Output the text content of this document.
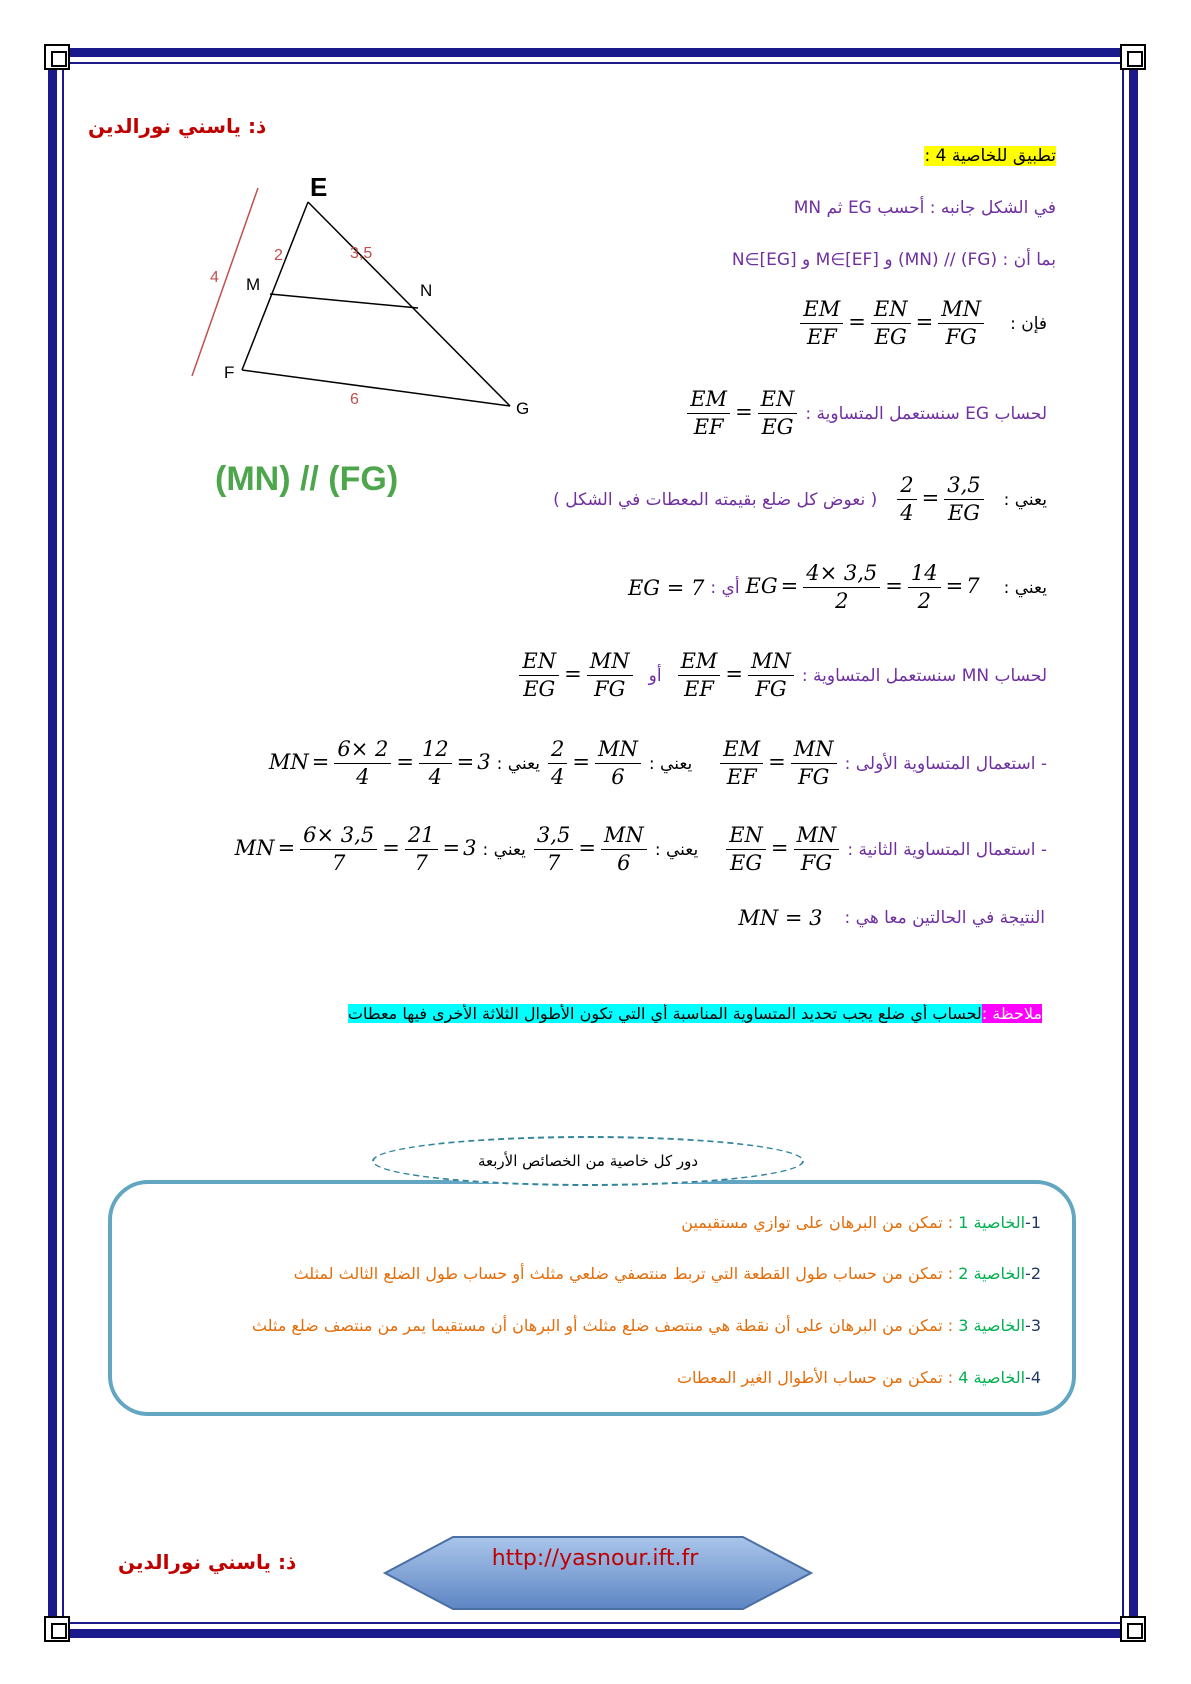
ذ: ياسني نورالدين
E
M	N
F
G
2	3,5
4
6
(MN) // (FG)
تطبيق للخاصية 4 :
في الشكل جانبه : أحسب EG ثم MN
بما أن : (FG) // (MN) و M∈[EF] و N∈[EG]
$\frac{EM}{EF} = \frac{EN}{EG} = \frac{MN}{FG}$ فإن :
$\frac{EM}{EF} = \frac{EN}{EG}$ لحساب EG سنستعمل المتساوية :
( نعوض كل ضلع بقيمته المعطات في الشكل ) $\frac{2}{4} = \frac{3,5}{EG}$ يعني :
EG = 7 أي : EG = $\frac{4\times 3,5}{2} = \frac{14}{2} = 7$ يعني :
$\frac{EN}{EG} = \frac{MN}{FG}$ أو $\frac{EM}{EF} = \frac{MN}{FG}$ لحساب MN سنستعمل المتساوية :
MN = $\frac{6\times 2}{4} = \frac{12}{4} = 3$ يعني : $\frac{2}{4} = \frac{MN}{6}$ يعني : $\frac{EM}{EF} = \frac{MN}{FG}$ - استعمال المتساوية الأولى :
MN = $\frac{6\times 3,5}{7} = \frac{21}{7} = 3$ يعني : $\frac{3,5}{7} = \frac{MN}{6}$ يعني : $\frac{EN}{EG} = \frac{MN}{FG}$ - استعمال المتساوية الثانية :
MN = 3 النتيجة في الحالتين معا هي :
ملاحظة :لحساب أي ضلع يجب تحديد المتساوية المناسبة أي التي تكون الأطوال الثلاثة الأخرى فيها معطات
دور كل خاصية من الخصائص الأربعة
1-الخاصية 1 : تمكن من البرهان على توازي مستقيمين
2-الخاصية 2 : تمكن من حساب طول القطعة التي تربط منتصفي ضلعي مثلث أو حساب طول الضلع الثالث لمثلث
3-الخاصية 3 : تمكن من البرهان على أن نقطة هي منتصف ضلع مثلث أو البرهان أن مستقيما يمر من منتصف ضلع مثلث
4-الخاصية 4 : تمكن من حساب الأطوال الغير المعطات
ذ: ياسني نورالدين	http://yasnour.ift.fr
